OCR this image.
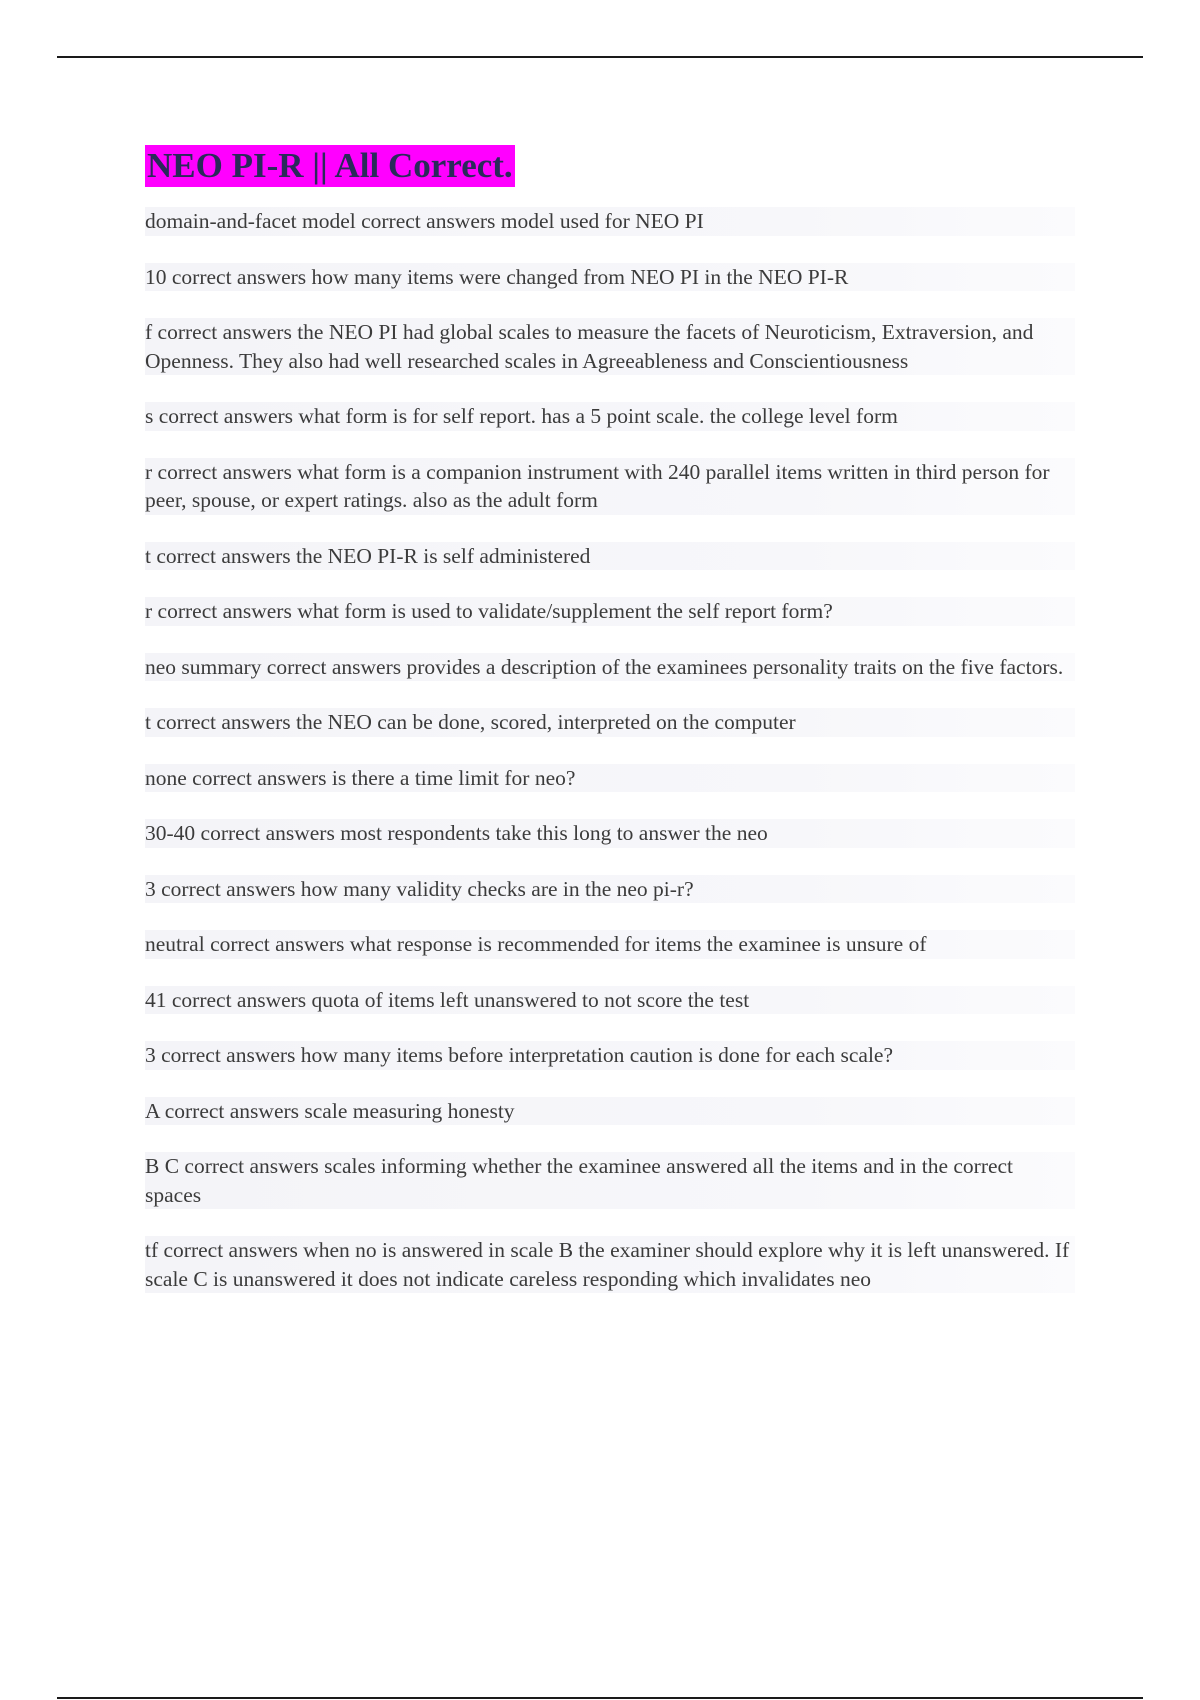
NEO PI-R || All Correct.
domain-and-facet model correct answers model used for NEO PI
10 correct answers how many items were changed from NEO PI in the NEO PI-R
f correct answers the NEO PI had global scales to measure the facets of Neuroticism, Extraversion, and Openness. They also had well researched scales in Agreeableness and Conscientiousness
s correct answers what form is for self report. has a 5 point scale. the college level form
r correct answers what form is a companion instrument with 240 parallel items written in third person for peer, spouse, or expert ratings. also as the adult form
t correct answers the NEO PI-R is self administered
r correct answers what form is used to validate/supplement the self report form?
neo summary correct answers provides a description of the examinees personality traits on the five factors.
t correct answers the NEO can be done, scored, interpreted on the computer
none correct answers is there a time limit for neo?
30-40 correct answers most respondents take this long to answer the neo
3 correct answers how many validity checks are in the neo pi-r?
neutral correct answers what response is recommended for items the examinee is unsure of
41 correct answers quota of items left unanswered to not score the test
3 correct answers how many items before interpretation caution is done for each scale?
A correct answers scale measuring honesty
B C correct answers scales informing whether the examinee answered all the items and in the correct spaces
tf correct answers when no is answered in scale B the examiner should explore why it is left unanswered. If scale C is unanswered it does not indicate careless responding which invalidates neo
